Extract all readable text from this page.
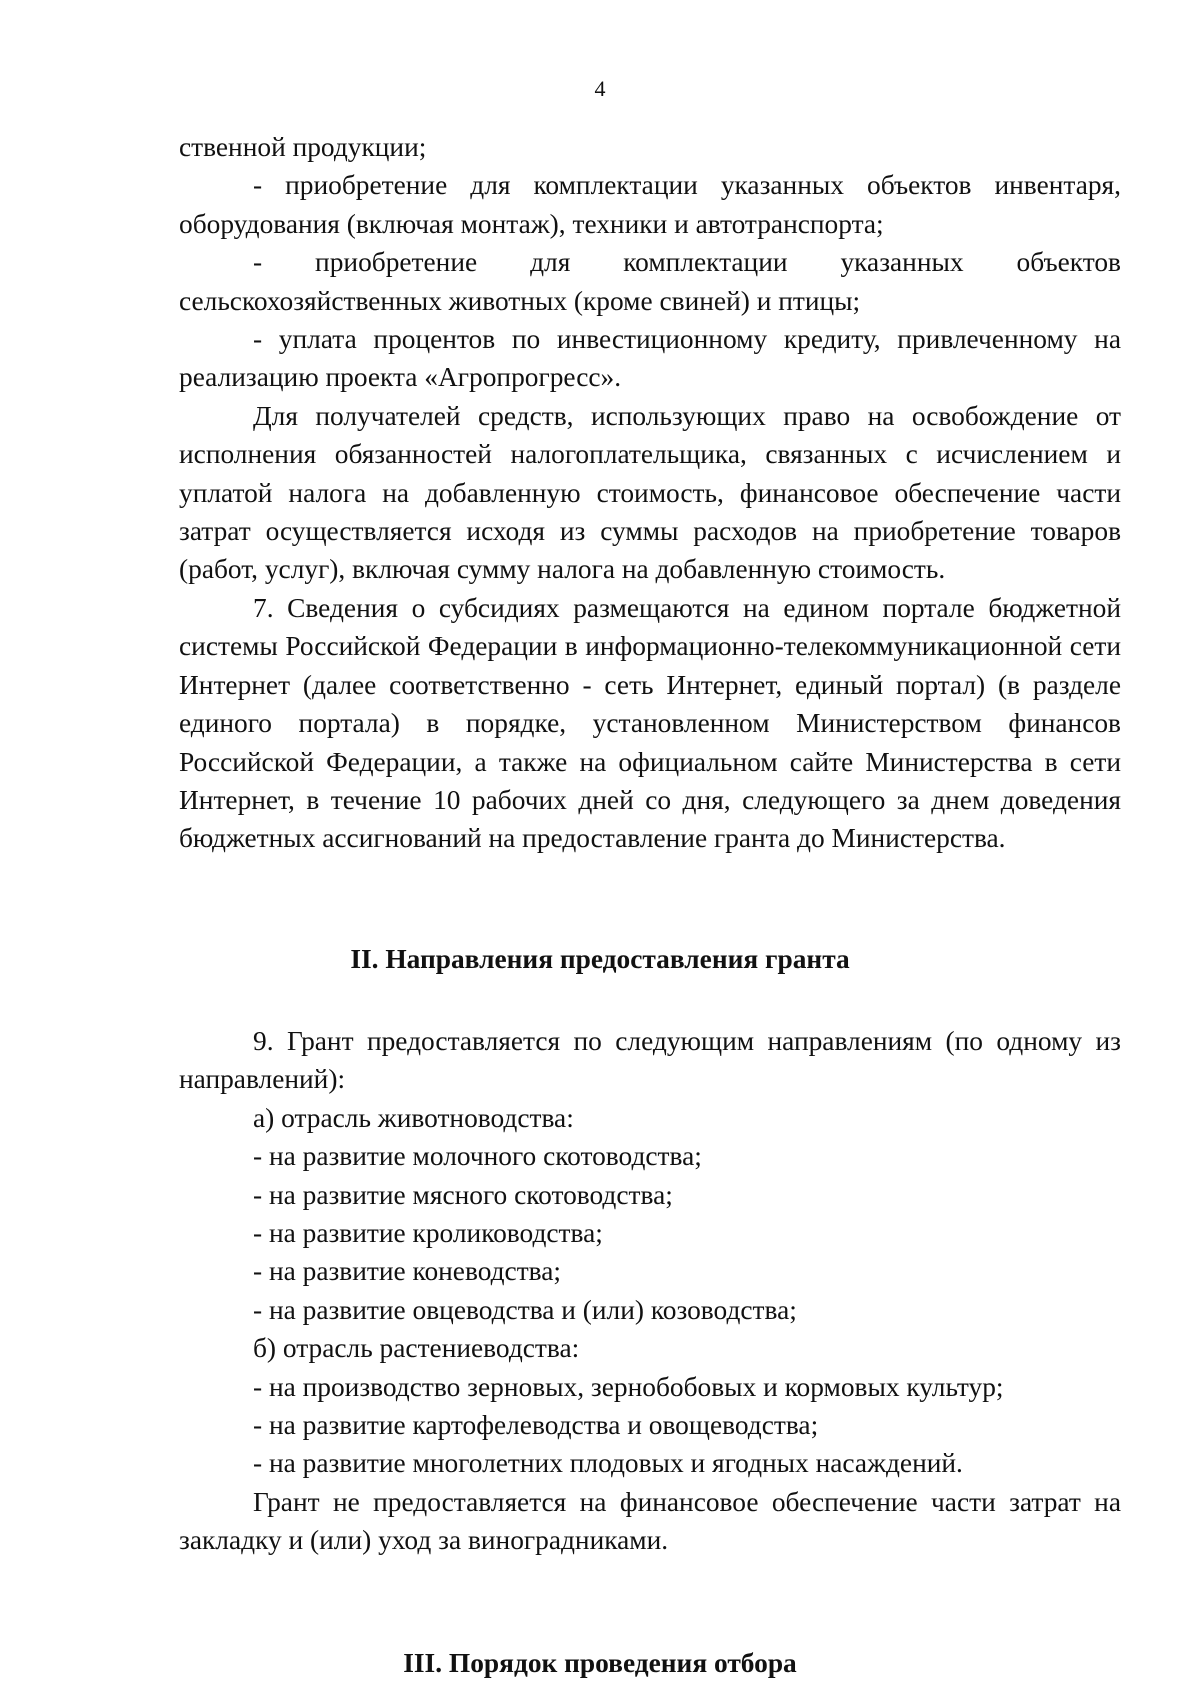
4

ственной продукции;

- приобретение для комплектации указанных объектов инвентаря, оборудования (включая монтаж), техники и автотранспорта;

- приобретение для комплектации указанных объектов сельскохозяйственных животных (кроме свиней) и птицы;

- уплата процентов по инвестиционному кредиту, привлеченному на реализацию проекта «Агропрогресс».

Для получателей средств, использующих право на освобождение от исполнения обязанностей налогоплательщика, связанных с исчислением и уплатой налога на добавленную стоимость, финансовое обеспечение части затрат осуществляется исходя из суммы расходов на приобретение товаров (работ, услуг), включая сумму налога на добавленную стоимость.

7. Сведения о субсидиях размещаются на едином портале бюджетной системы Российской Федерации в информационно-телекоммуникационной сети Интернет (далее соответственно - сеть Интернет, единый портал) (в разделе единого портала) в порядке, установленном Министерством финансов Российской Федерации, а также на официальном сайте Министерства в сети Интернет, в течение 10 рабочих дней со дня, следующего за днем доведения бюджетных ассигнований на предоставление гранта до Министерства.

II. Направления предоставления гранта

9. Грант предоставляется по следующим направлениям (по одному из направлений):

а) отрасль животноводства:

- на развитие молочного скотоводства;

- на развитие мясного скотоводства;

- на развитие кролиководства;

- на развитие коневодства;

- на развитие овцеводства и (или) козоводства;

б) отрасль растениеводства:

- на производство зерновых, зернобобовых и кормовых культур;

- на развитие картофелеводства и овощеводства;

- на развитие многолетних плодовых и ягодных насаждений.

Грант не предоставляется на финансовое обеспечение части затрат на закладку и (или) уход за виноградниками.

III. Порядок проведения отбора
